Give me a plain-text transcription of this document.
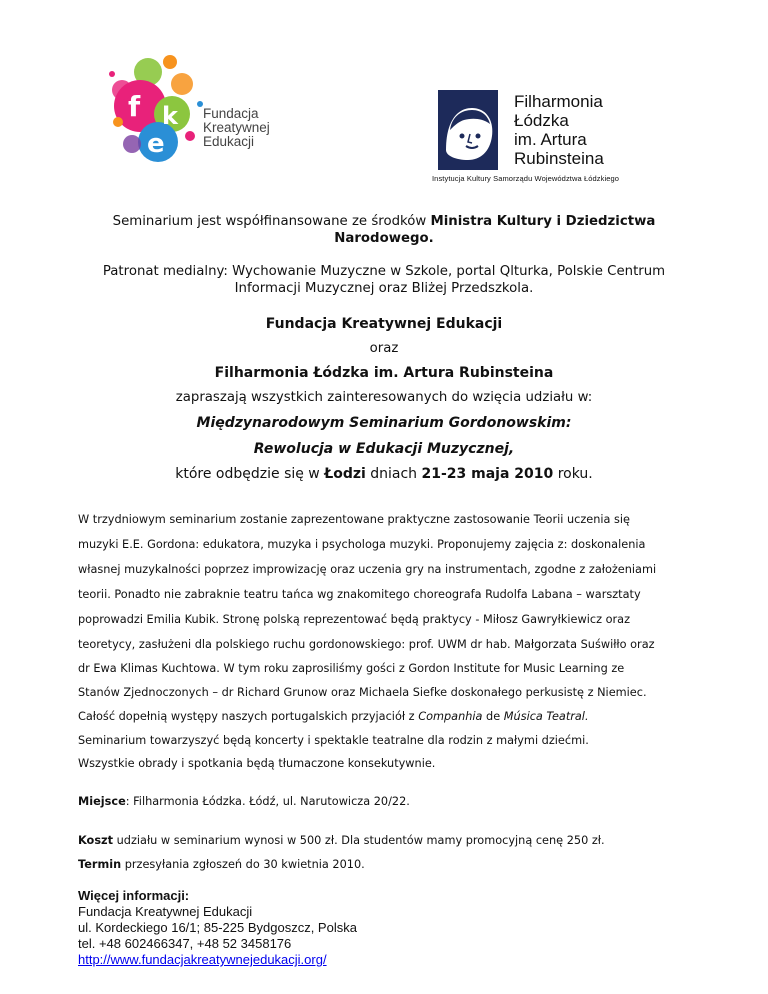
f k
e
Fundacja
Kreatywnej
Edukacji
Filharmonia
Łódzka
im. Artura
Rubinsteina
Instytucja Kultury Samorządu Województwa Łódzkiego
Seminarium jest współfinansowane ze środków Ministra Kultury i Dziedzictwa
Narodowego.
Patronat medialny: Wychowanie Muzyczne w Szkole, portal Qlturka, Polskie Centrum
Informacji Muzycznej oraz Bliżej Przedszkola.
Fundacja Kreatywnej Edukacji
oraz
Filharmonia Łódzka im. Artura Rubinsteina
zapraszają wszystkich zainteresowanych do wzięcia udziału w:
Międzynarodowym Seminarium Gordonowskim:
Rewolucja w Edukacji Muzycznej,
które odbędzie się w Łodzi dniach 21-23 maja 2010 roku.
W trzydniowym seminarium zostanie zaprezentowane praktyczne zastosowanie Teorii uczenia się
muzyki E.E. Gordona: edukatora, muzyka i psychologa muzyki. Proponujemy zajęcia z: doskonalenia
własnej muzykalności poprzez improwizację oraz uczenia gry na instrumentach, zgodne z założeniami
teorii. Ponadto nie zabraknie teatru tańca wg znakomitego choreografa Rudolfa Labana – warsztaty
poprowadzi Emilia Kubik. Stronę polską reprezentować będą praktycy - Miłosz Gawryłkiewicz oraz
teoretycy, zasłużeni dla polskiego ruchu gordonowskiego: prof. UWM dr hab. Małgorzata Suświłło oraz
dr Ewa Klimas Kuchtowa. W tym roku zaprosiliśmy gości z Gordon Institute for Music Learning ze
Stanów Zjednoczonych – dr Richard Grunow oraz Michaela Siefke doskonałego perkusistę z Niemiec.
Całość dopełnią występy naszych portugalskich przyjaciół z Companhia de Música Teatral.
Seminarium towarzyszyć będą koncerty i spektakle teatralne dla rodzin z małymi dziećmi.
Wszystkie obrady i spotkania będą tłumaczone konsekutywnie.
Miejsce: Filharmonia Łódzka. Łódź, ul. Narutowicza 20/22.
Koszt udziału w seminarium wynosi w 500 zł. Dla studentów mamy promocyjną cenę 250 zł.
Termin przesyłania zgłoszeń do 30 kwietnia 2010.
Więcej informacji:
Fundacja Kreatywnej Edukacji
ul. Kordeckiego 16/1; 85-225 Bydgoszcz, Polska
tel. +48 602466347, +48 52 3458176
http://www.fundacjakreatywnejedukacji.org/
